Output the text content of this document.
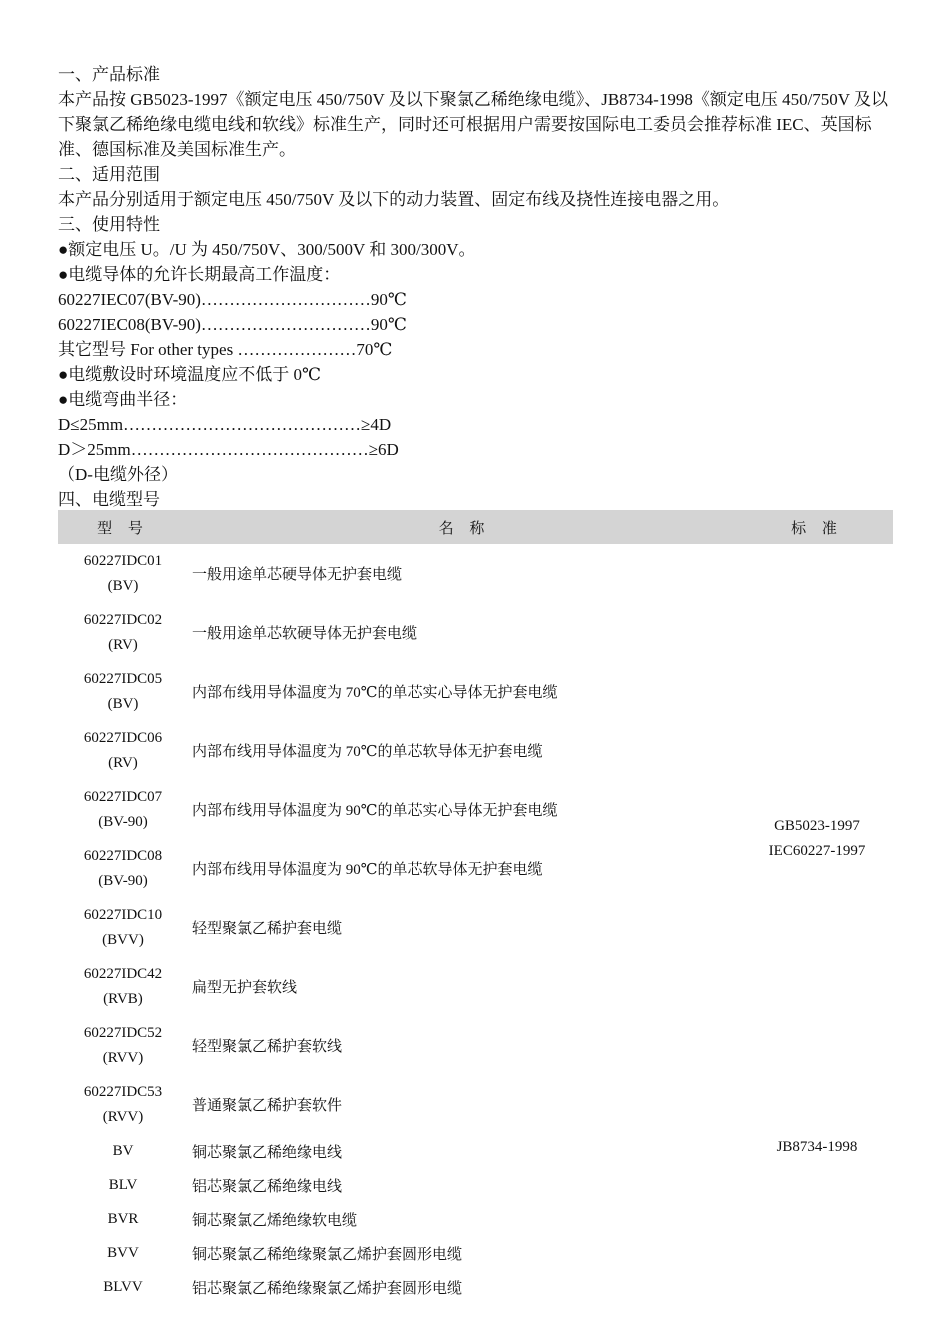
一、产品标准

本产品按 GB5023-1997《额定电压 450/750V 及以下聚氯乙稀绝缘电缆》、JB8734-1998《额定电压 450/750V 及以下聚氯乙稀绝缘电缆电线和软线》标准生产，同时还可根据用户需要按国际电工委员会推荐标准 IEC、英国标准、德国标准及美国标准生产。

二、适用范围

本产品分别适用于额定电压 450/750V 及以下的动力装置、固定布线及挠性连接电器之用。

三、使用特性

●额定电压 U。/U 为 450/750V、300/500V 和 300/300V。

●电缆导体的允许长期最高工作温度：

60227IEC07(BV-90)…………………………90℃

60227IEC08(BV-90)…………………………90℃

其它型号 For other types …………………70℃

●电缆敷设时环境温度应不低于 0℃

●电缆弯曲半径：

D≤25mm……………………………………≥4D

D＞25mm……………………………………≥6D

（D-电缆外径）

四、电缆型号

型 号	名 称	标 准

60227IDC01
(BV)	一般用途单芯硬导体无护套电缆	GB5023-1997
IEC60227-1997

60227IDC02
(RV)	一般用途单芯软硬导体无护套电缆	

60227IDC05
(BV)	内部布线用导体温度为 70℃的单芯实心导体无护套电缆	

60227IDC06
(RV)	内部布线用导体温度为 70℃的单芯软导体无护套电缆	

60227IDC07
(BV-90)	内部布线用导体温度为 90℃的单芯实心导体无护套电缆	

60227IDC08
(BV-90)	内部布线用导体温度为 90℃的单芯软导体无护套电缆	

60227IDC10
(BVV)	轻型聚氯乙稀护套电缆	

60227IDC42
(RVB)	扁型无护套软线	

60227IDC52
(RVV)	轻型聚氯乙稀护套软线	

60227IDC53
(RVV)	普通聚氯乙稀护套软件	
BV	铜芯聚氯乙稀绝缘电线	JB8734-1998
BLV	铝芯聚氯乙稀绝缘电线	
BVR	铜芯聚氯乙烯绝缘软电缆	
BVV	铜芯聚氯乙稀绝缘聚氯乙烯护套圆形电缆	
BLVV	铝芯聚氯乙稀绝缘聚氯乙烯护套圆形电缆	
